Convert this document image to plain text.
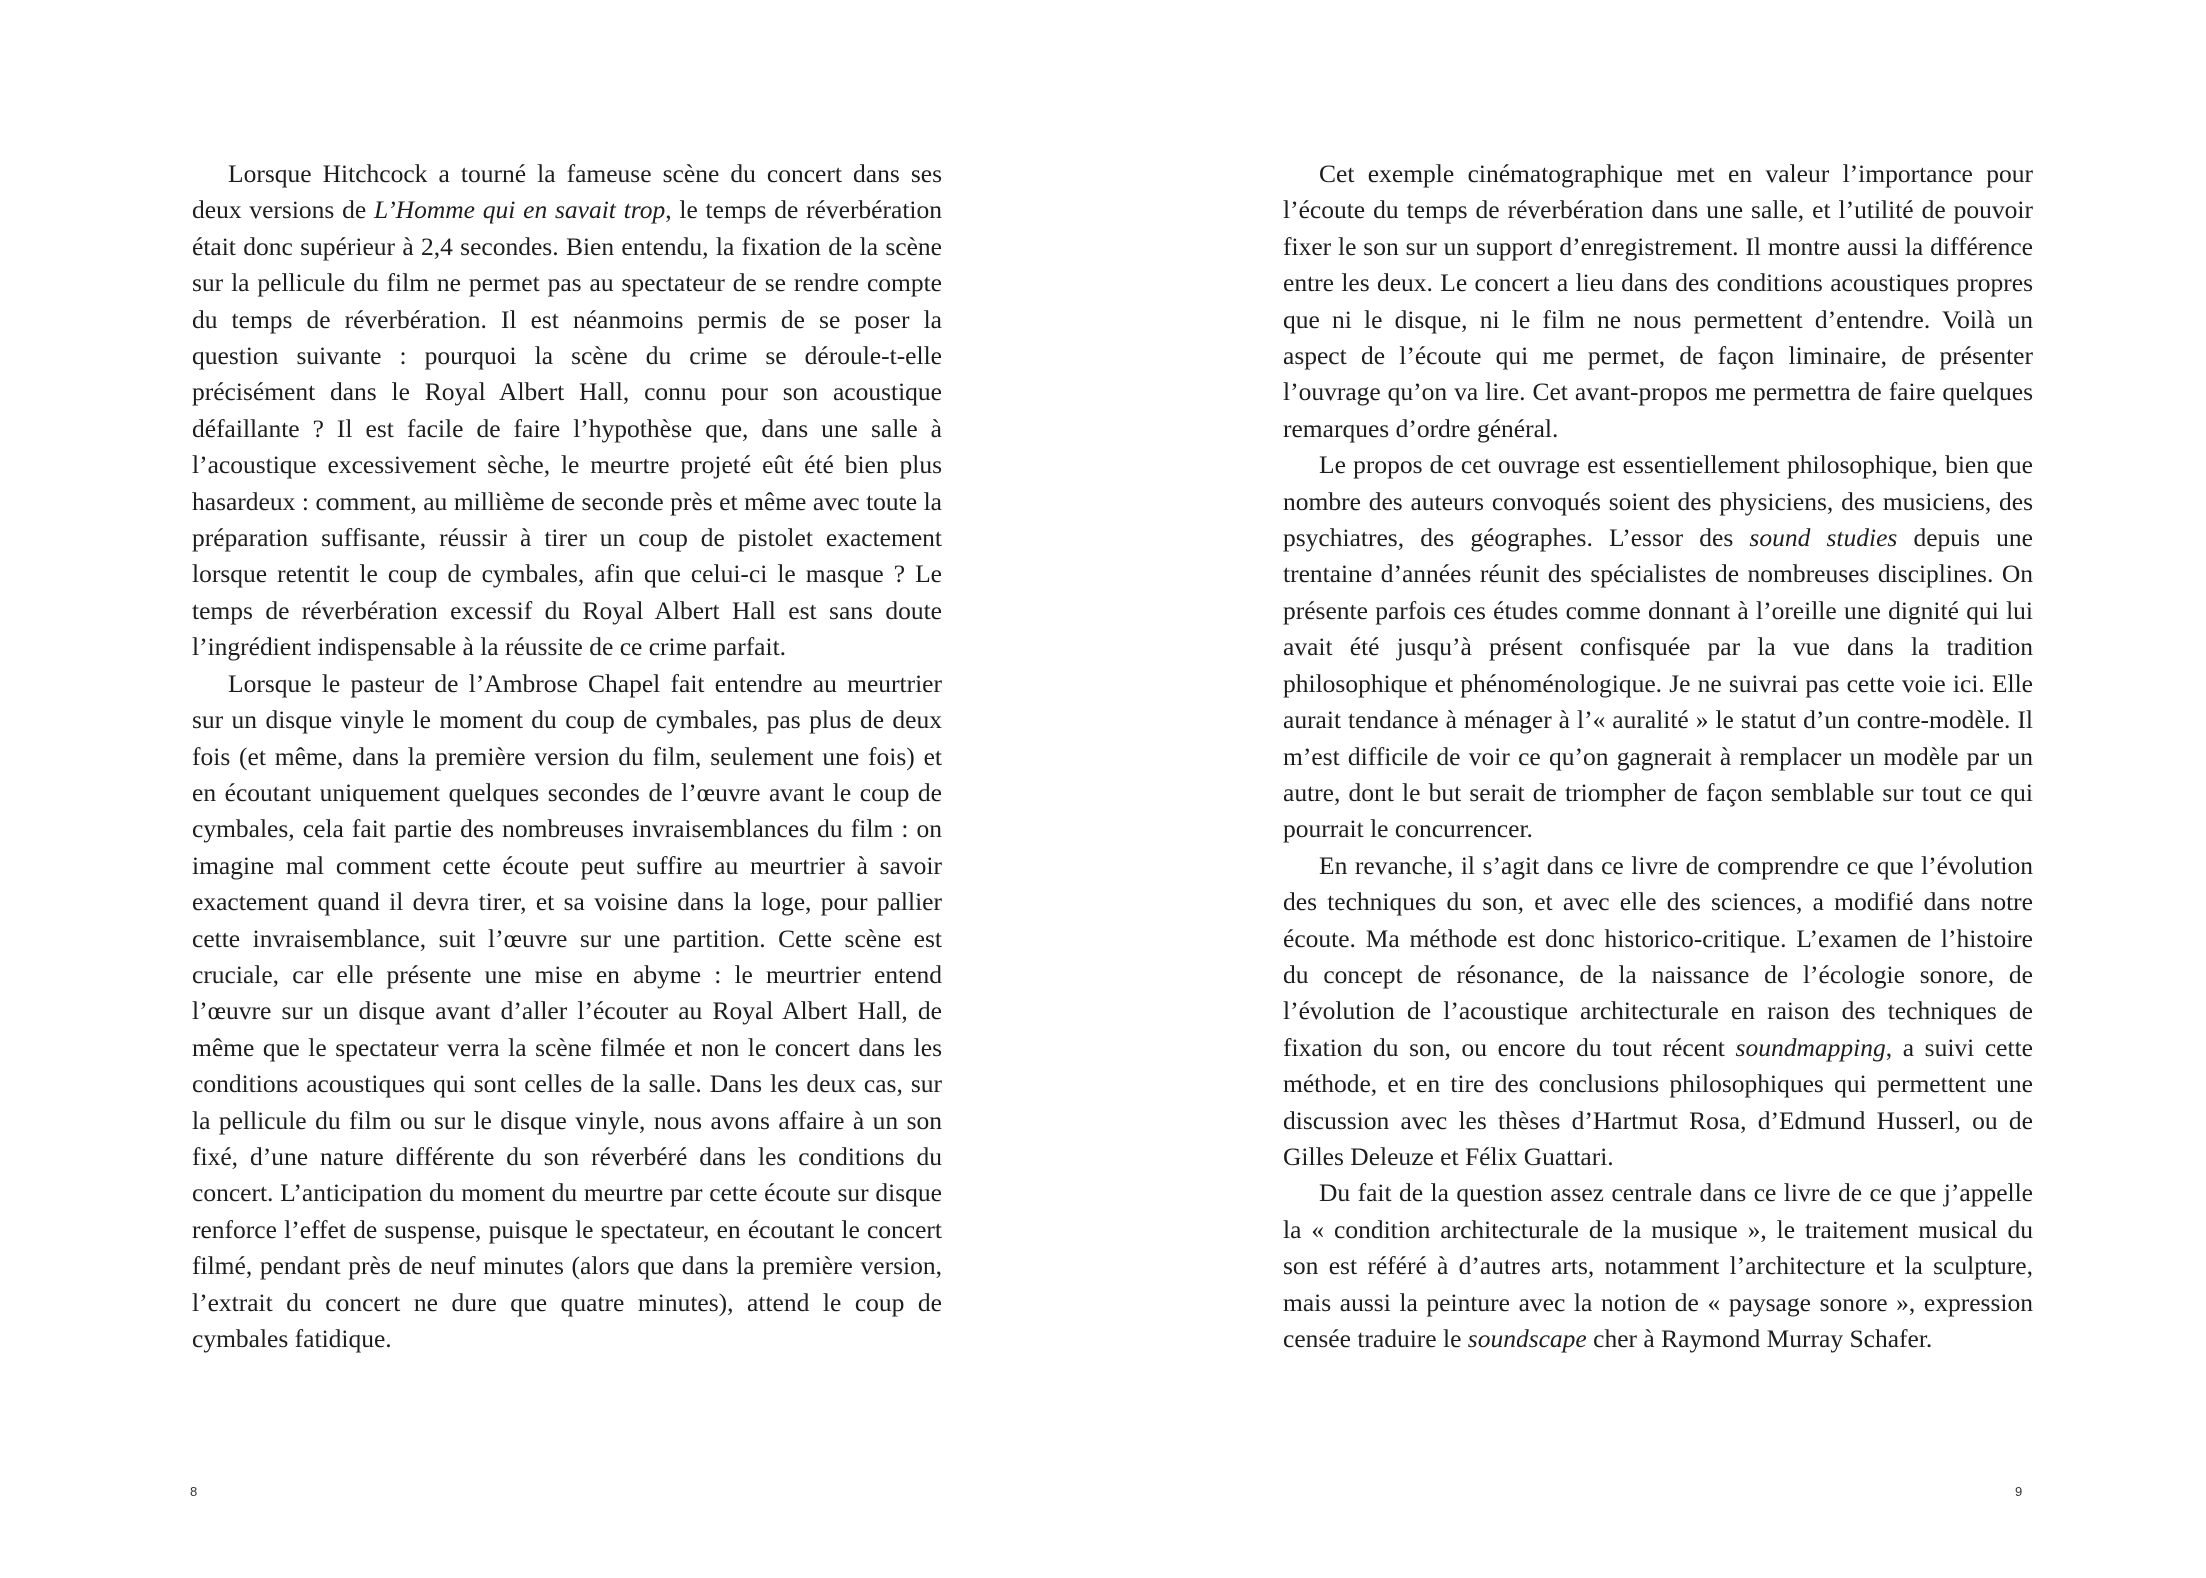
Lorsque Hitchcock a tourné la fameuse scène du concert dans ses deux versions de L’Homme qui en savait trop, le temps de réverbération était donc supérieur à 2,4 secondes. Bien entendu, la fixation de la scène sur la pellicule du film ne permet pas au spectateur de se rendre compte du temps de réverbération. Il est néanmoins permis de se poser la question suivante : pourquoi la scène du crime se déroule-t-elle précisément dans le Royal Albert Hall, connu pour son acoustique défaillante ? Il est facile de faire l’hypothèse que, dans une salle à l’acoustique excessivement sèche, le meurtre projeté eût été bien plus hasardeux : comment, au millième de seconde près et même avec toute la préparation suffisante, réussir à tirer un coup de pistolet exactement lorsque retentit le coup de cymbales, afin que celui-ci le masque ? Le temps de réverbération excessif du Royal Albert Hall est sans doute l’ingrédient indispensable à la réussite de ce crime parfait.

Lorsque le pasteur de l’Ambrose Chapel fait entendre au meurtrier sur un disque vinyle le moment du coup de cymbales, pas plus de deux fois (et même, dans la première version du film, seulement une fois) et en écoutant uniquement quelques secondes de l’œuvre avant le coup de cymbales, cela fait partie des nombreuses invraisemblances du film : on imagine mal comment cette écoute peut suffire au meurtrier à savoir exactement quand il devra tirer, et sa voisine dans la loge, pour pallier cette invraisemblance, suit l’œuvre sur une partition. Cette scène est cruciale, car elle présente une mise en abyme : le meurtrier entend l’œuvre sur un disque avant d’aller l’écouter au Royal Albert Hall, de même que le spectateur verra la scène filmée et non le concert dans les conditions acoustiques qui sont celles de la salle. Dans les deux cas, sur la pellicule du film ou sur le disque vinyle, nous avons affaire à un son fixé, d’une nature différente du son réverbéré dans les conditions du concert. L’anticipation du moment du meurtre par cette écoute sur disque renforce l’effet de suspense, puisque le spectateur, en écoutant le concert filmé, pendant près de neuf minutes (alors que dans la première version, l’extrait du concert ne dure que quatre minutes), attend le coup de cymbales fatidique.

8

Cet exemple cinématographique met en valeur l’importance pour l’écoute du temps de réverbération dans une salle, et l’utilité de pouvoir fixer le son sur un support d’enregistrement. Il montre aussi la différence entre les deux. Le concert a lieu dans des conditions acoustiques propres que ni le disque, ni le film ne nous permettent d’entendre. Voilà un aspect de l’écoute qui me permet, de façon liminaire, de présenter l’ouvrage qu’on va lire. Cet avant-propos me permettra de faire quelques remarques d’ordre général.

Le propos de cet ouvrage est essentiellement philosophique, bien que nombre des auteurs convoqués soient des physiciens, des musiciens, des psychiatres, des géographes. L’essor des sound studies depuis une trentaine d’années réunit des spécialistes de nombreuses disciplines. On présente parfois ces études comme donnant à l’oreille une dignité qui lui avait été jusqu’à présent confisquée par la vue dans la tradition philosophique et phénoménologique. Je ne suivrai pas cette voie ici. Elle aurait tendance à ménager à l’« auralité » le statut d’un contre-modèle. Il m’est difficile de voir ce qu’on gagnerait à remplacer un modèle par un autre, dont le but serait de triompher de façon semblable sur tout ce qui pourrait le concurrencer.

En revanche, il s’agit dans ce livre de comprendre ce que l’évolution des techniques du son, et avec elle des sciences, a modifié dans notre écoute. Ma méthode est donc historico-critique. L’examen de l’histoire du concept de résonance, de la naissance de l’écologie sonore, de l’évolution de l’acoustique architecturale en raison des techniques de fixation du son, ou encore du tout récent soundmapping, a suivi cette méthode, et en tire des conclusions philosophiques qui permettent une discussion avec les thèses d’Hartmut Rosa, d’Edmund Husserl, ou de Gilles Deleuze et Félix Guattari.

Du fait de la question assez centrale dans ce livre de ce que j’appelle la « condition architecturale de la musique », le traitement musical du son est référé à d’autres arts, notamment l’architecture et la sculpture, mais aussi la peinture avec la notion de « paysage sonore », expression censée traduire le soundscape cher à Raymond Murray Schafer.

9
